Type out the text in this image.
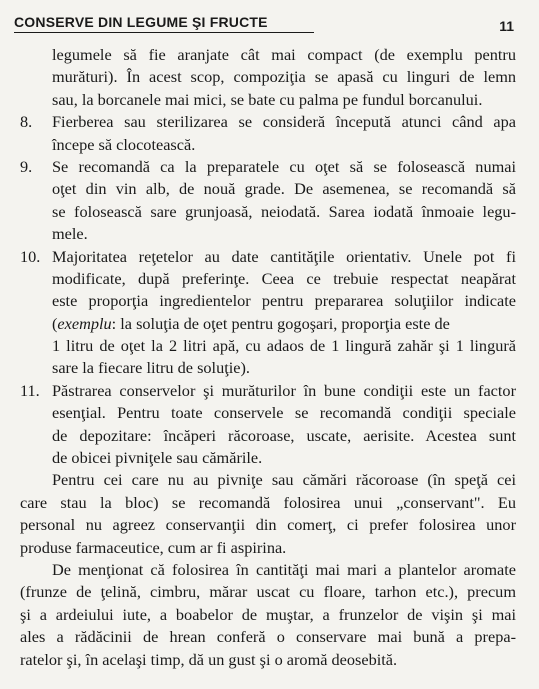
CONSERVE DIN LEGUME ŞI FRUCTE	11
legumele să fie aranjate cât mai compact (de exemplu pentru
murături). În acest scop, compoziţia se apasă cu linguri de lemn
sau, la borcanele mai mici, se bate cu palma pe fundul borcanului.
Fierberea sau sterilizarea se consideră începută atunci când apa
8.
începe să clocotească.
Se recomandă ca la preparatele cu oţet să se folosească numai
9.
oţet din vin alb, de nouă grade. De asemenea, se recomandă să
se folosească sare grunjoasă, neiodată. Sarea iodată înmoaie legu-
mele.
Majoritatea reţetelor au date cantităţile orientativ. Unele pot fi
10.
modificate, după preferinţe. Ceea ce trebuie respectat neapărat
este proporţia ingredientelor pentru prepararea soluţiilor indicate
(exemplu: la soluţia de oţet pentru gogoşari, proporţia este de
1 litru de oţet la 2 litri apă, cu adaos de 1 lingură zahăr şi 1 lingură
sare la fiecare litru de soluţie).
Păstrarea conservelor şi murăturilor în bune condiţii este un factor
11.
esenţial. Pentru toate conservele se recomandă condiţii speciale
de depozitare: încăperi răcoroase, uscate, aerisite. Acestea sunt
de obicei pivniţele sau cămările.
Pentru cei care nu au pivniţe sau cămări răcoroase (în speţă cei
care stau la bloc) se recomandă folosirea unui „conservant". Eu
personal nu agreez conservanţii din comerţ, ci prefer folosirea unor
produse farmaceutice, cum ar fi aspirina.
De menţionat că folosirea în cantităţi mai mari a plantelor aromate
(frunze de ţelină, cimbru, mărar uscat cu floare, tarhon etc.), precum
şi a ardeiului iute, a boabelor de muştar, a frunzelor de vişin şi mai
ales a rădăcinii de hrean conferă o conservare mai bună a prepa-
ratelor şi, în acelaşi timp, dă un gust şi o aromă deosebită.
